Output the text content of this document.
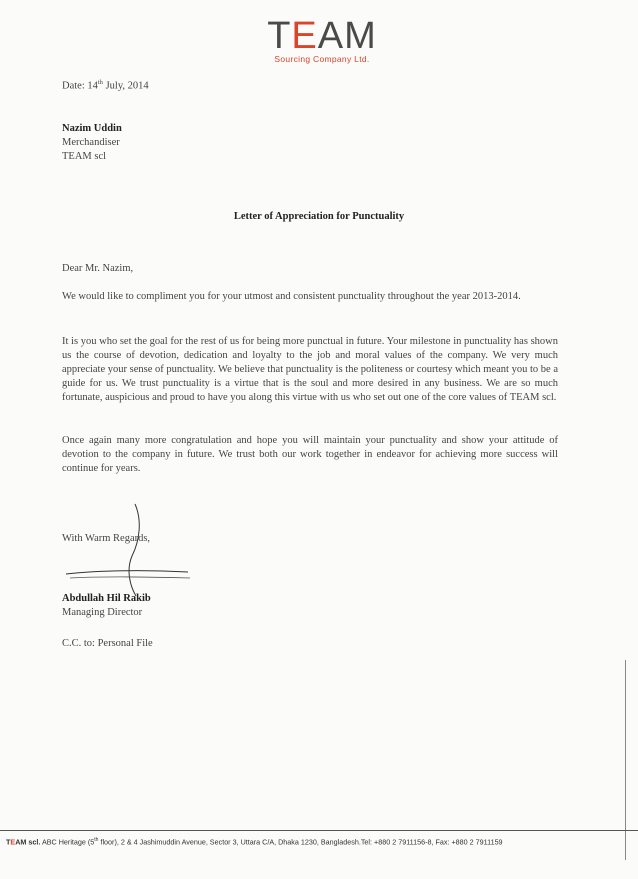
TEAM
Sourcing Company Ltd.
Date: 14th July, 2014
Nazim Uddin
Merchandiser
TEAM scl
Letter of Appreciation for Punctuality
Dear Mr. Nazim,
We would like to compliment you for your utmost and consistent punctuality throughout the year 2013-2014.
It is you who set the goal for the rest of us for being more punctual in future. Your milestone in punctuality has shown us the course of devotion, dedication and loyalty to the job and moral values of the company. We very much appreciate your sense of punctuality. We believe that punctuality is the politeness or courtesy which meant you to be a guide for us. We trust punctuality is a virtue that is the soul and more desired in any business. We are so much fortunate, auspicious and proud to have you along this virtue with us who set out one of the core values of TEAM scl.
Once again many more congratulation and hope you will maintain your punctuality and show your attitude of devotion to the company in future. We trust both our work together in endeavor for achieving more success will continue for years.
With Warm Regards,
Abdullah Hil Rakib
Managing Director
C.C. to: Personal File
TEAM scl. ABC Heritage (5th floor), 2 & 4 Jashimuddin Avenue, Sector 3, Uttara C/A, Dhaka 1230, Bangladesh.Tel: +880 2 7911156-8, Fax: +880 2 7911159
